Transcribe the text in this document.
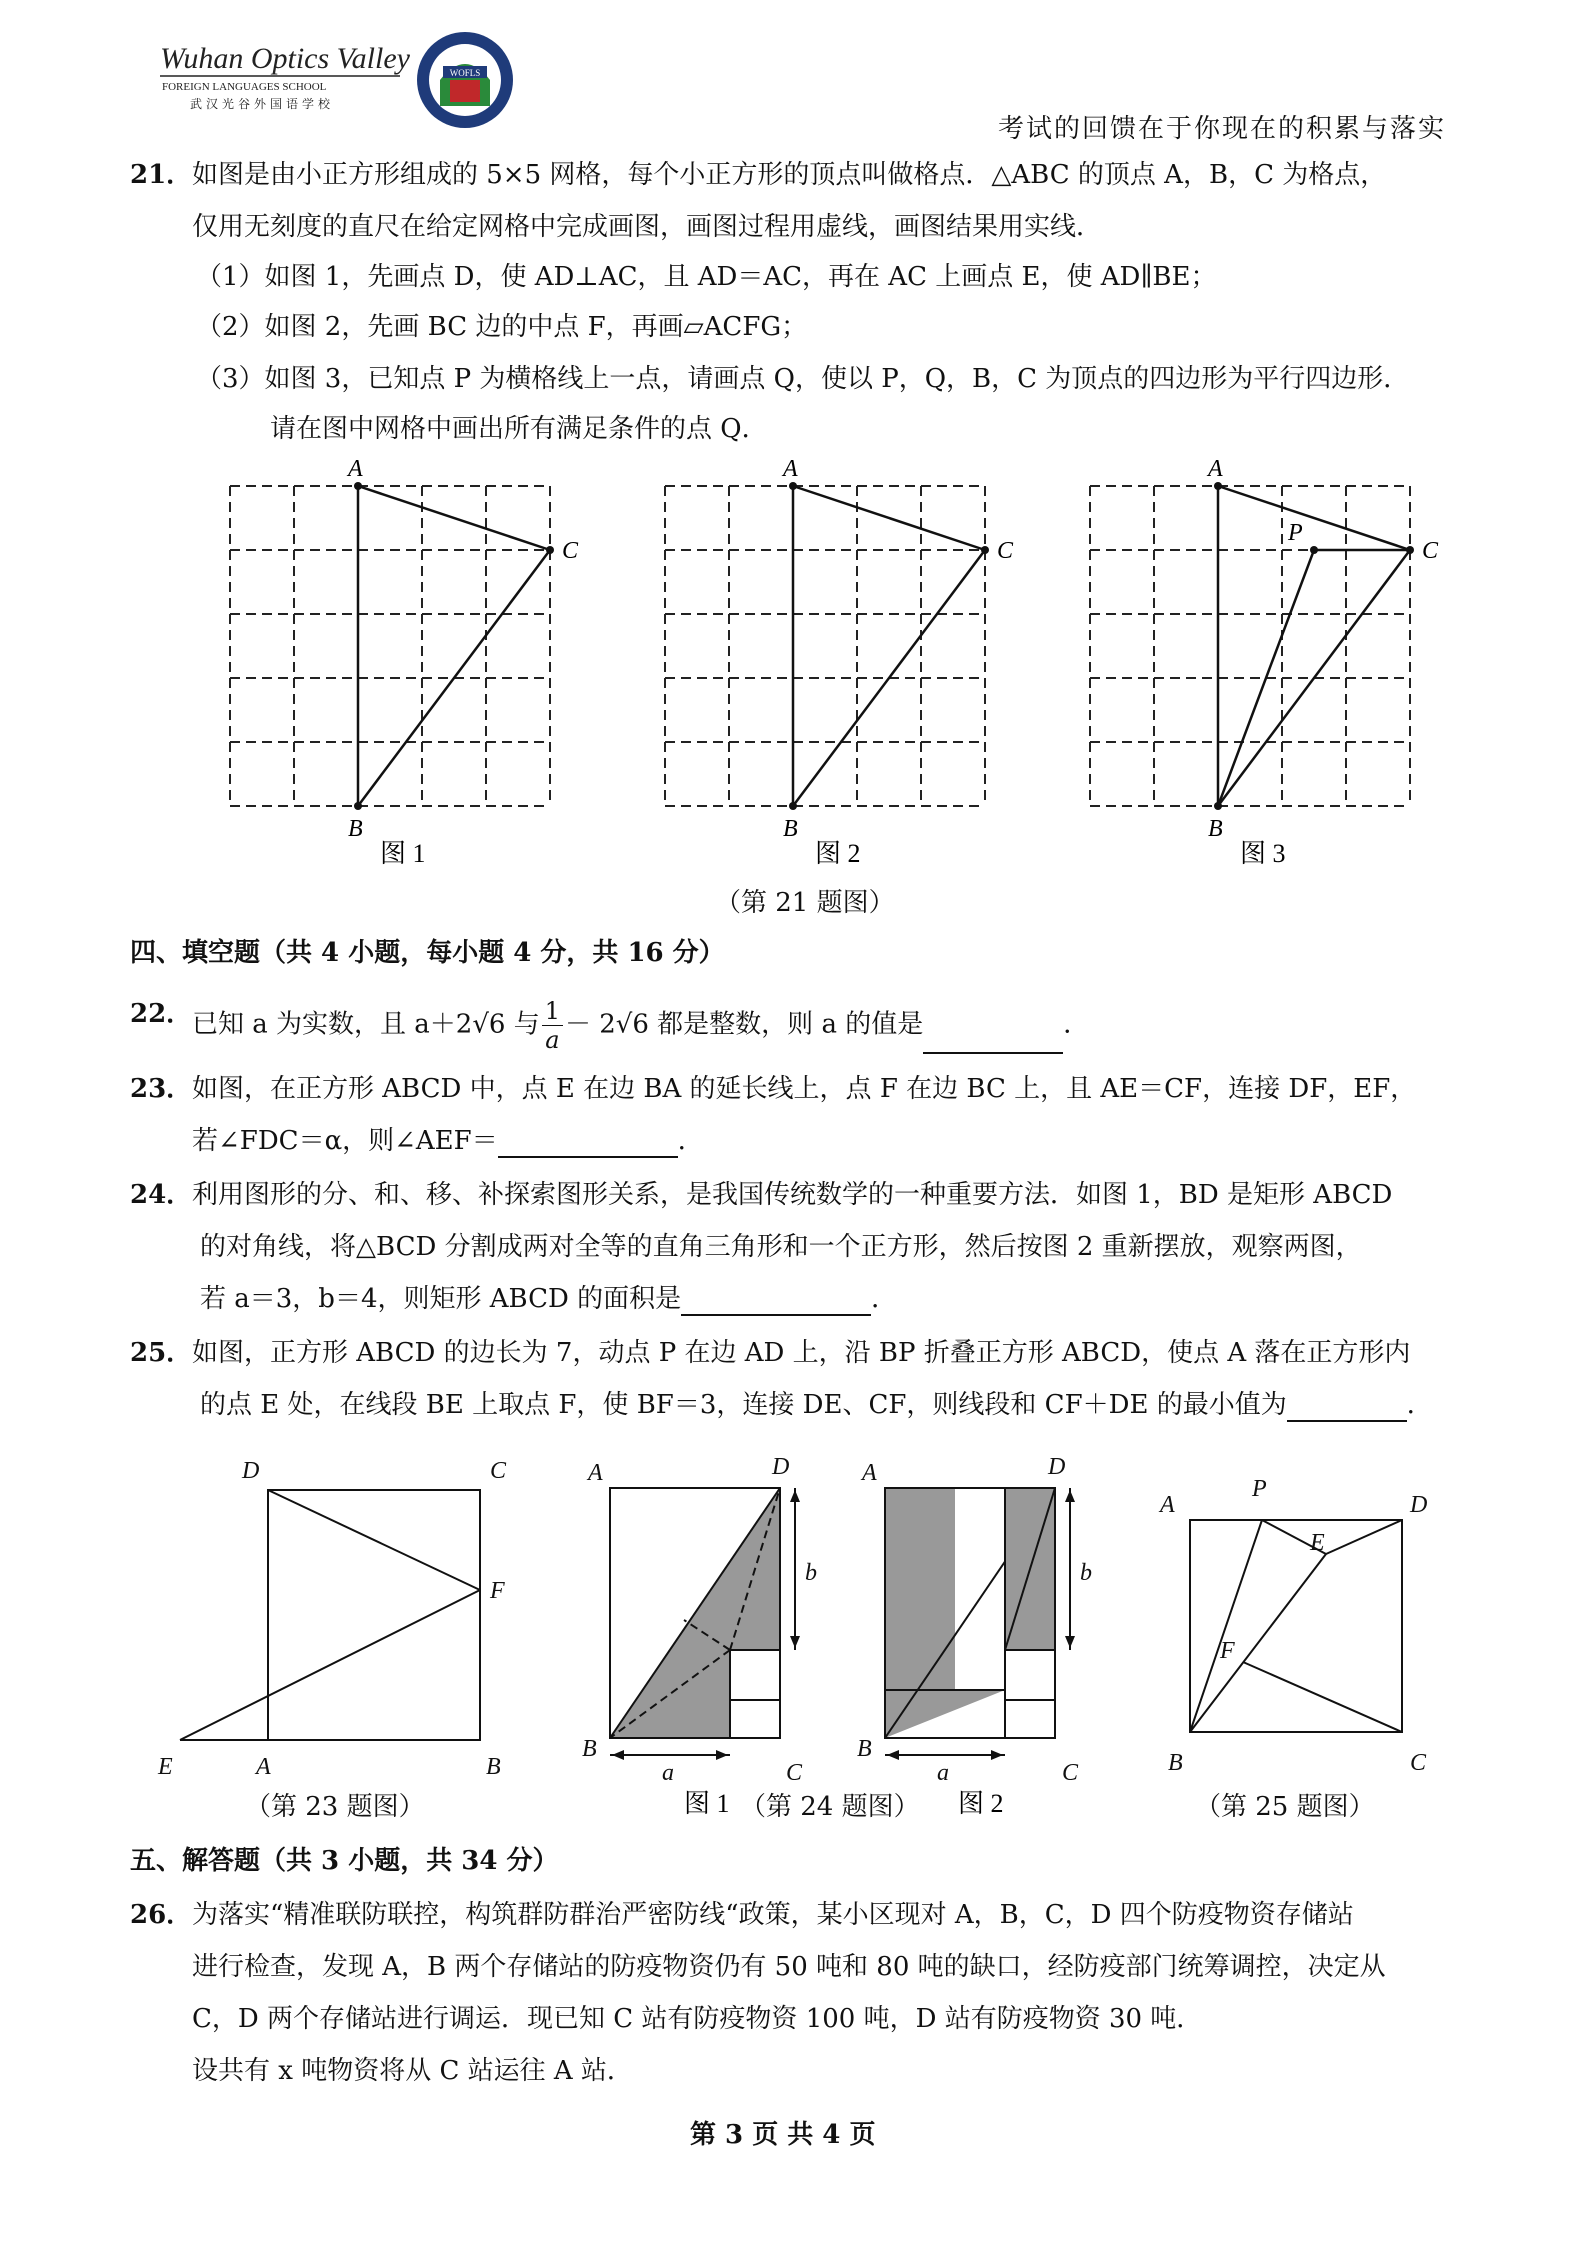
Wuhan Optics Valley
FOREIGN LANGUAGES SCHOOL
武汉光谷外国语学校
WOFLS
考试的回馈在于你现在的积累与落实
21． 如图是由小正方形组成的 5×5 网格，每个小正方形的顶点叫做格点．△ABC 的顶点 A，B，C 为格点，
仅用无刻度的直尺在给定网格中完成画图，画图过程用虚线，画图结果用实线．
（1）如图 1，先画点 D，使 AD⊥AC，且 AD＝AC，再在 AC 上画点 E，使 AD∥BE；
（2）如图 2，先画 BC 边的中点 F，再画▱ACFG；
（3）如图 3，已知点 P 为横格线上一点，请画点 Q，使以 P，Q，B，C 为顶点的四边形为平行四边形．
请在图中网格中画出所有满足条件的点 Q．
A
C
B
图 1
A
C
B
图 2
A
C
P
B
图 3
（第 21 题图）
四、填空题（共 4 小题，每小题 4 分，共 16 分）
22． 已知 a 为实数，且 a＋2√6 与 $\frac{1}{a} - 2√6$ 都是整数，则 a 的值是	．
23． 如图，在正方形 ABCD 中，点 E 在边 BA 的延长线上，点 F 在边 BC 上，且 AE＝CF，连接 DF，EF，
若∠FDC＝α，则∠AEF＝	．
24． 利用图形的分、和、移、补探索图形关系，是我国传统数学的一种重要方法．如图 1，BD 是矩形 ABCD
的对角线，将△BCD 分割成两对全等的直角三角形和一个正方形，然后按图 2 重新摆放，观察两图，
若 a＝3，b＝4，则矩形 ABCD 的面积是	．
25． 如图，正方形 ABCD 的边长为 7，动点 P 在边 AD 上，沿 BP 折叠正方形 ABCD，使点 A 落在正方形内
的点 E 处，在线段 BE 上取点 F，使 BF＝3，连接 DE、CF，则线段和 CF＋DE 的最小值为	．
D	C
F
E	A	B
A	D
b
B
a	C
图 1
A	D
b
B
a	C
图 2
A
P
D
E
F
B	C
（第 23 题图）	（第 24 题图）	（第 25 题图）
五、解答题（共 3 小题，共 34 分）
26． 为落实“精准联防联控，构筑群防群治严密防线“政策，某小区现对 A，B，C，D 四个防疫物资存储站
进行检查，发现 A，B 两个存储站的防疫物资仍有 50 吨和 80 吨的缺口，经防疫部门统筹调控，决定从
C，D 两个存储站进行调运．现已知 C 站有防疫物资 100 吨，D 站有防疫物资 30 吨．
设共有 x 吨物资将从 C 站运往 A 站．
第 3 页 共 4 页
